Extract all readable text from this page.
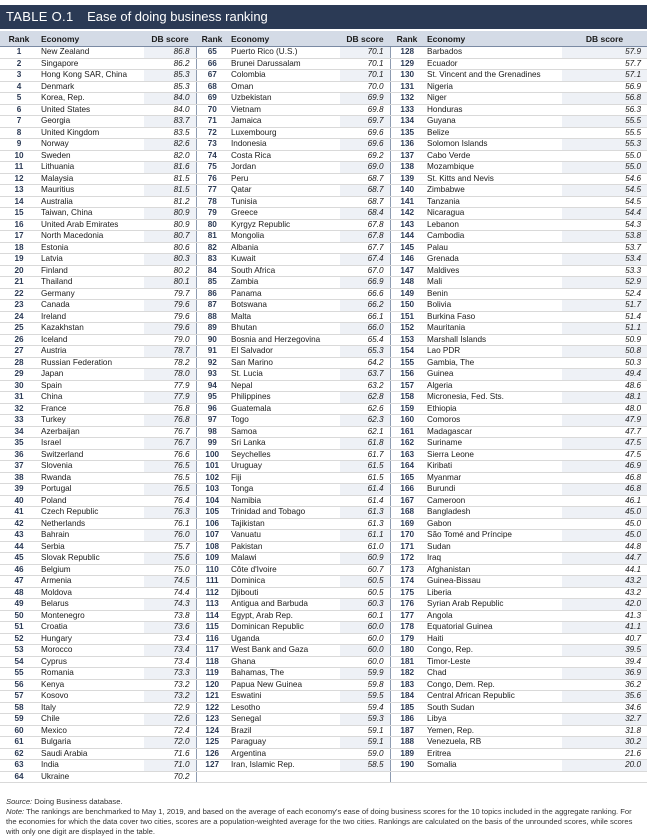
TABLE O.1 Ease of doing business ranking
Rank	Economy	DB score	Rank	Economy	DB score	Rank	Economy	DB score
1	New Zealand	86.8	65	Puerto Rico (U.S.)	70.1	128	Barbados	57.9
2	Singapore	86.2	66	Brunei Darussalam	70.1	129	Ecuador	57.7
3	Hong Kong SAR, China	85.3	67	Colombia	70.1	130	St. Vincent and the Grenadines	57.1
4	Denmark	85.3	68	Oman	70.0	131	Nigeria	56.9
5	Korea, Rep.	84.0	69	Uzbekistan	69.9	132	Niger	56.8
6	United States	84.0	70	Vietnam	69.8	133	Honduras	56.3
7	Georgia	83.7	71	Jamaica	69.7	134	Guyana	55.5
8	United Kingdom	83.5	72	Luxembourg	69.6	135	Belize	55.5
9	Norway	82.6	73	Indonesia	69.6	136	Solomon Islands	55.3
10	Sweden	82.0	74	Costa Rica	69.2	137	Cabo Verde	55.0
11	Lithuania	81.6	75	Jordan	69.0	138	Mozambique	55.0
12	Malaysia	81.5	76	Peru	68.7	139	St. Kitts and Nevis	54.6
13	Mauritius	81.5	77	Qatar	68.7	140	Zimbabwe	54.5
14	Australia	81.2	78	Tunisia	68.7	141	Tanzania	54.5
15	Taiwan, China	80.9	79	Greece	68.4	142	Nicaragua	54.4
16	United Arab Emirates	80.9	80	Kyrgyz Republic	67.8	143	Lebanon	54.3
17	North Macedonia	80.7	81	Mongolia	67.8	144	Cambodia	53.8
18	Estonia	80.6	82	Albania	67.7	145	Palau	53.7
19	Latvia	80.3	83	Kuwait	67.4	146	Grenada	53.4
20	Finland	80.2	84	South Africa	67.0	147	Maldives	53.3
21	Thailand	80.1	85	Zambia	66.9	148	Mali	52.9
22	Germany	79.7	86	Panama	66.6	149	Benin	52.4
23	Canada	79.6	87	Botswana	66.2	150	Bolivia	51.7
24	Ireland	79.6	88	Malta	66.1	151	Burkina Faso	51.4
25	Kazakhstan	79.6	89	Bhutan	66.0	152	Mauritania	51.1
26	Iceland	79.0	90	Bosnia and Herzegovina	65.4	153	Marshall Islands	50.9
27	Austria	78.7	91	El Salvador	65.3	154	Lao PDR	50.8
28	Russian Federation	78.2	92	San Marino	64.2	155	Gambia, The	50.3
29	Japan	78.0	93	St. Lucia	63.7	156	Guinea	49.4
30	Spain	77.9	94	Nepal	63.2	157	Algeria	48.6
31	China	77.9	95	Philippines	62.8	158	Micronesia, Fed. Sts.	48.1
32	France	76.8	96	Guatemala	62.6	159	Ethiopia	48.0
33	Turkey	76.8	97	Togo	62.3	160	Comoros	47.9
34	Azerbaijan	76.7	98	Samoa	62.1	161	Madagascar	47.7
35	Israel	76.7	99	Sri Lanka	61.8	162	Suriname	47.5
36	Switzerland	76.6	100	Seychelles	61.7	163	Sierra Leone	47.5
37	Slovenia	76.5	101	Uruguay	61.5	164	Kiribati	46.9
38	Rwanda	76.5	102	Fiji	61.5	165	Myanmar	46.8
39	Portugal	76.5	103	Tonga	61.4	166	Burundi	46.8
40	Poland	76.4	104	Namibia	61.4	167	Cameroon	46.1
41	Czech Republic	76.3	105	Trinidad and Tobago	61.3	168	Bangladesh	45.0
42	Netherlands	76.1	106	Tajikistan	61.3	169	Gabon	45.0
43	Bahrain	76.0	107	Vanuatu	61.1	170	São Tomé and Príncipe	45.0
44	Serbia	75.7	108	Pakistan	61.0	171	Sudan	44.8
45	Slovak Republic	75.6	109	Malawi	60.9	172	Iraq	44.7
46	Belgium	75.0	110	Côte d'Ivoire	60.7	173	Afghanistan	44.1
47	Armenia	74.5	111	Dominica	60.5	174	Guinea-Bissau	43.2
48	Moldova	74.4	112	Djibouti	60.5	175	Liberia	43.2
49	Belarus	74.3	113	Antigua and Barbuda	60.3	176	Syrian Arab Republic	42.0
50	Montenegro	73.8	114	Egypt, Arab Rep.	60.1	177	Angola	41.3
51	Croatia	73.6	115	Dominican Republic	60.0	178	Equatorial Guinea	41.1
52	Hungary	73.4	116	Uganda	60.0	179	Haiti	40.7
53	Morocco	73.4	117	West Bank and Gaza	60.0	180	Congo, Rep.	39.5
54	Cyprus	73.4	118	Ghana	60.0	181	Timor-Leste	39.4
55	Romania	73.3	119	Bahamas, The	59.9	182	Chad	36.9
56	Kenya	73.2	120	Papua New Guinea	59.8	183	Congo, Dem. Rep.	36.2
57	Kosovo	73.2	121	Eswatini	59.5	184	Central African Republic	35.6
58	Italy	72.9	122	Lesotho	59.4	185	South Sudan	34.6
59	Chile	72.6	123	Senegal	59.3	186	Libya	32.7
60	Mexico	72.4	124	Brazil	59.1	187	Yemen, Rep.	31.8
61	Bulgaria	72.0	125	Paraguay	59.1	188	Venezuela, RB	30.2
62	Saudi Arabia	71.6	126	Argentina	59.0	189	Eritrea	21.6
63	India	71.0	127	Iran, Islamic Rep.	58.5	190	Somalia	20.0
64	Ukraine	70.2						
Source: Doing Business database.
Note: The rankings are benchmarked to May 1, 2019, and based on the average of each economy's ease of doing business scores for the 10 topics included in the aggregate ranking. For the economies for which the data cover two cities, scores are a population-weighted average for the two cities. Rankings are calculated on the basis of the unrounded scores, while scores with only one digit are displayed in the table.
